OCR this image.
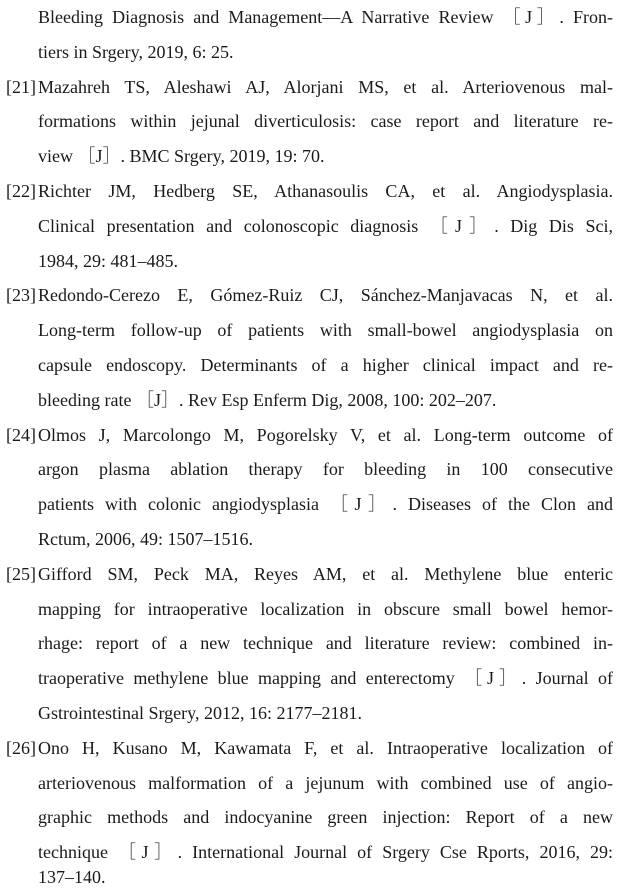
Bleeding Diagnosis and Management—A Narrative Review ［J］. Fron-
tiers in Srgery, 2019, 6: 25.
[21] Mazahreh TS, Aleshawi AJ, Alorjani MS, et al. Arteriovenous mal-
formations within jejunal diverticulosis: case report and literature re-
view ［J］. BMC Srgery, 2019, 19: 70.
[22] Richter JM, Hedberg SE, Athanasoulis CA, et al. Angiodysplasia.
Clinical presentation and colonoscopic diagnosis ［J］. Dig Dis Sci,
1984, 29: 481–485.
[23] Redondo-Cerezo E, Gómez-Ruiz CJ, Sánchez-Manjavacas N, et al.
Long-term follow-up of patients with small-bowel angiodysplasia on
capsule endoscopy. Determinants of a higher clinical impact and re-
bleeding rate ［J］. Rev Esp Enferm Dig, 2008, 100: 202–207.
[24] Olmos J, Marcolongo M, Pogorelsky V, et al. Long-term outcome of
argon plasma ablation therapy for bleeding in 100 consecutive
patients with colonic angiodysplasia ［J］. Diseases of the Clon and
Rctum, 2006, 49: 1507–1516.
[25] Gifford SM, Peck MA, Reyes AM, et al. Methylene blue enteric
mapping for intraoperative localization in obscure small bowel hemor-
rhage: report of a new technique and literature review: combined in-
traoperative methylene blue mapping and enterectomy ［J］. Journal of
Gstrointestinal Srgery, 2012, 16: 2177–2181.
[26] Ono H, Kusano M, Kawamata F, et al. Intraoperative localization of
arteriovenous malformation of a jejunum with combined use of angio-
graphic methods and indocyanine green injection: Report of a new
technique ［J］. International Journal of Srgery Cse Rports, 2016, 29:
137–140.
